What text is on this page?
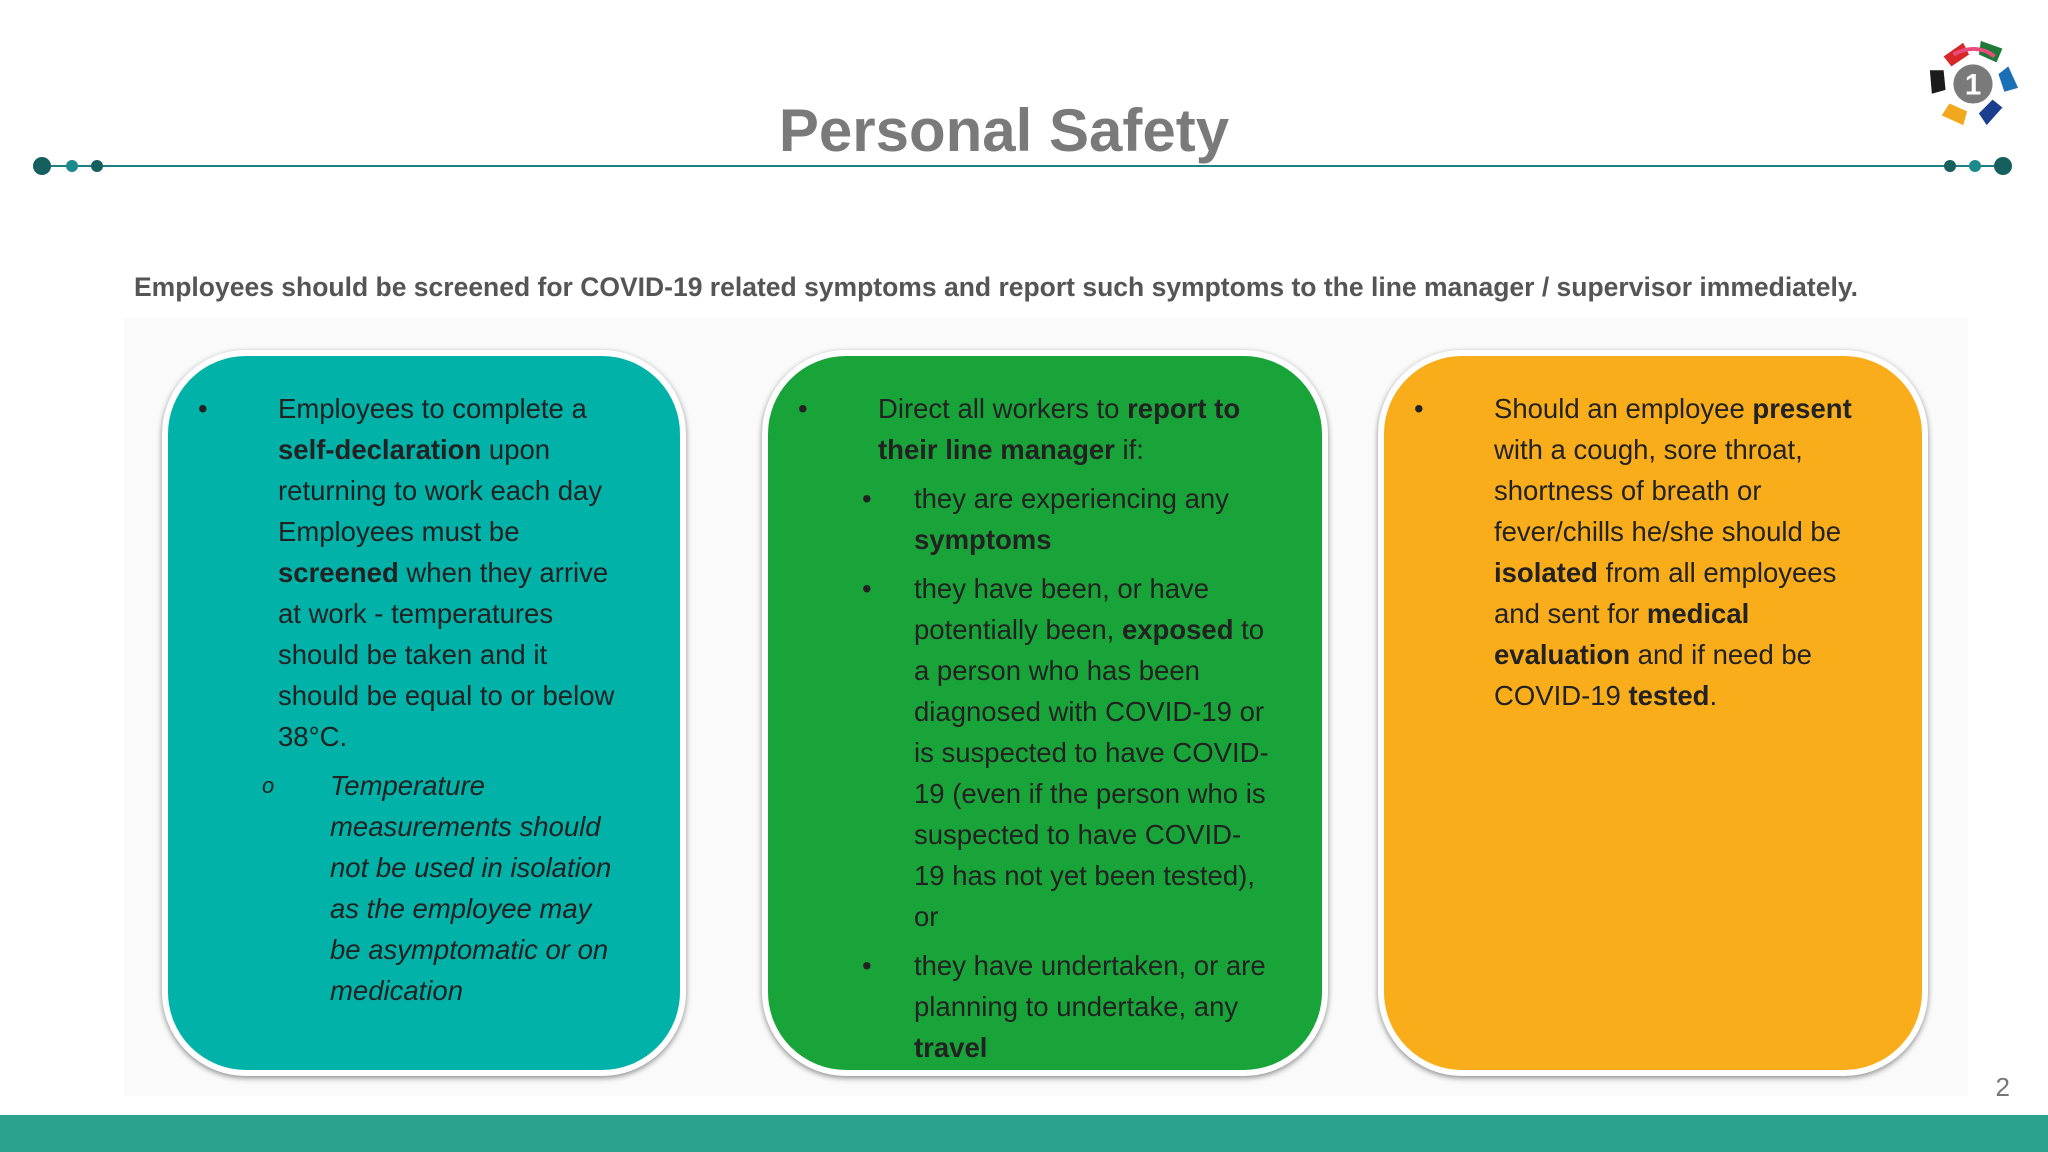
Personal Safety
1

Employees should be screened for COVID-19 related symptoms and report such symptoms to the line manager / supervisor immediately.

•	Employees to complete a self-declaration upon returning to work each day Employees must be screened when they arrive at work - temperatures should be taken and it should be equal to or below 38°C.
o	Temperature measurements should not be used in isolation as the employee may be asymptomatic or on medication
•	Direct all workers to report to their line manager if:
•	they are experiencing any symptoms
•	they have been, or have potentially been, exposed to a person who has been diagnosed with COVID-19 or is suspected to have COVID-19 (even if the person who is suspected to have COVID-19 has not yet been tested), or
•	they have undertaken, or are planning to undertake, any travel
•	Should an employee present with a cough, sore throat, shortness of breath or fever/chills he/she should be isolated from all employees and sent for medical evaluation and if need be COVID-19 tested.
2
